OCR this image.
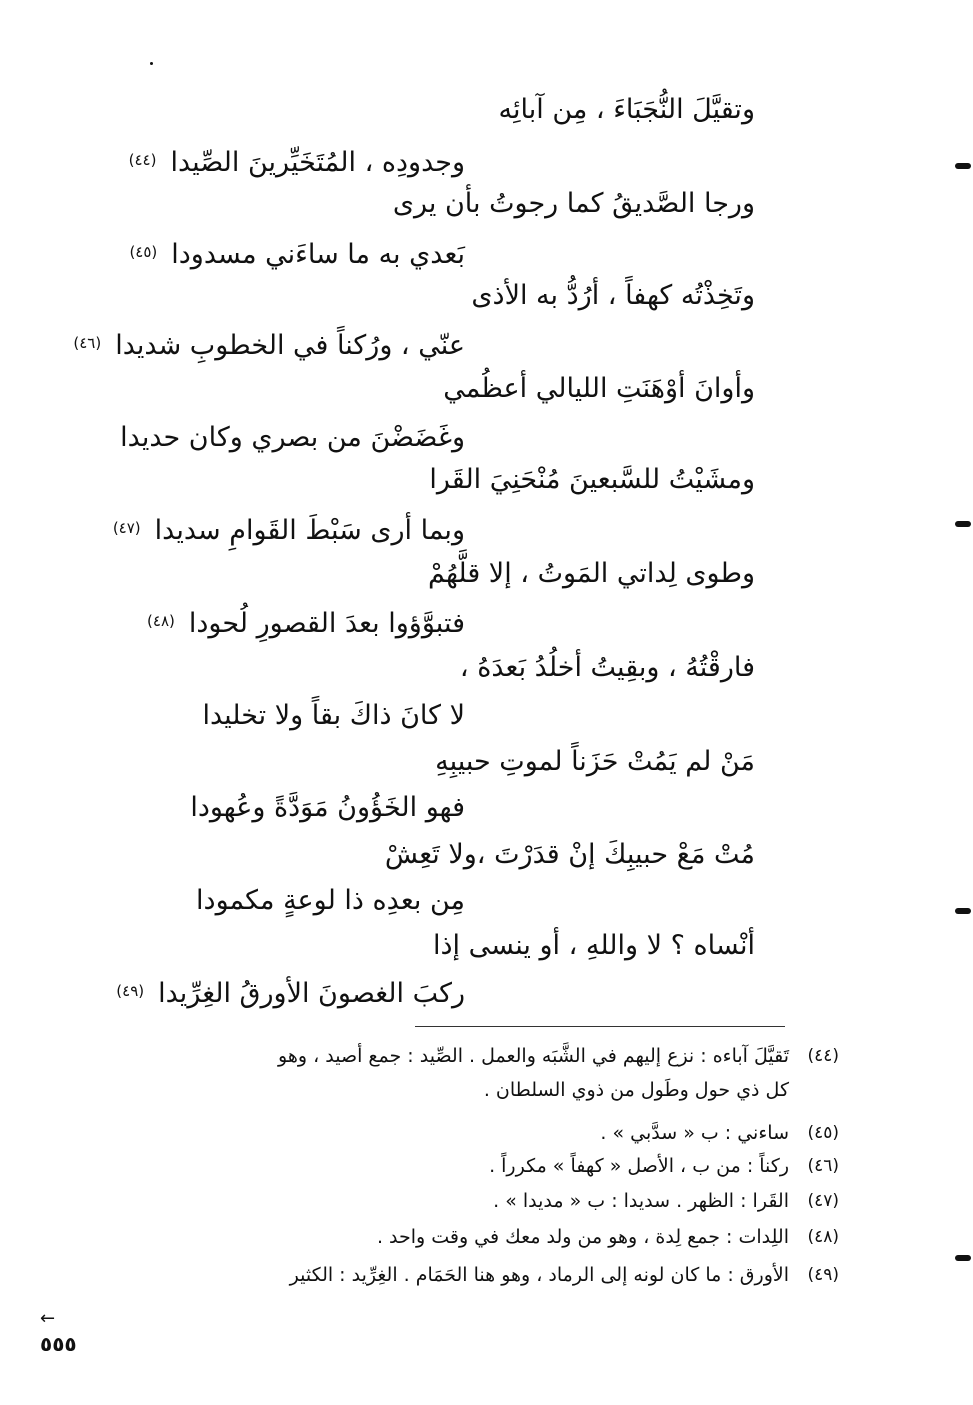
وتقيَّلَ النُّجَبَاءَ ، مِن آبائِه
وجدودِه ، المُتَخَيِّرينَ الصِّيدا(٤٤)
ورجا الصَّديقُ كما رجوتُ بأن يرى
بَعدي به ما ساءَني مسدودا(٤٥)
وتَخِذْتُه كهفاً ، أرُدُّ به الأذى
عنّي ، ورُكناً في الخطوبِ شديدا(٤٦)
وأوانَ أوْهَنَتِ الليالي أعظُمي
وغَضَضْنَ من بصري وكان حديدا
ومشَيْتُ للسَّبعينَ مُنْحَنِيَ القَرا
وبما أرى سَبْطَ القَوامِ سديدا(٤٧)
وطوى لِداتي المَوتُ ، إلا قلَّهُمْ
فتبوَّؤوا بعدَ القصورِ لُحودا(٤٨)
فارقْتُهُ ، وبقِيتُ أخلُدُ بَعدَهُ ،
لا كانَ ذاكَ بقاً ولا تخليدا
مَنْ لم يَمُتْ حَزَناً لموتِ حبيبِهِ
فهو الخَؤُونُ مَوَدَّةً وعُهودا
مُتْ مَعْ حبيبِكَ إنْ قدَرْتَ ،ولا تَعِشْ
مِن بعدِه ذا لوعةٍ مكمودا
أنْساه ؟ لا واللهِ ، أو ينسى إذا
ركبَ الغصونَ الأورقُ الغِرِّيدا(٤٩)
تَقيَّلَ آباءه : نزع إليهم في الشَّبَه والعمل . الصِّيد : جمع أصيد ، وهو (٤٤)
كل ذي حول وطَول من ذوي السلطان .
ساءني : ب « سدَّبي » . (٤٥)
ركناً : من ب ، الأصل « كهفاً » مكرراً . (٤٦)
القَرا : الظهر . سديدا : ب « مديدا » . (٤٧)
اللِدات : جمع لِدة ، وهو من ولد معك في وقت واحد . (٤٨)
الأورق : ما كان لونه إلى الرماد ، وهو هنا الحَمَام . الغِرِّيد : الكثير (٤٩)
←
٥٥٥
